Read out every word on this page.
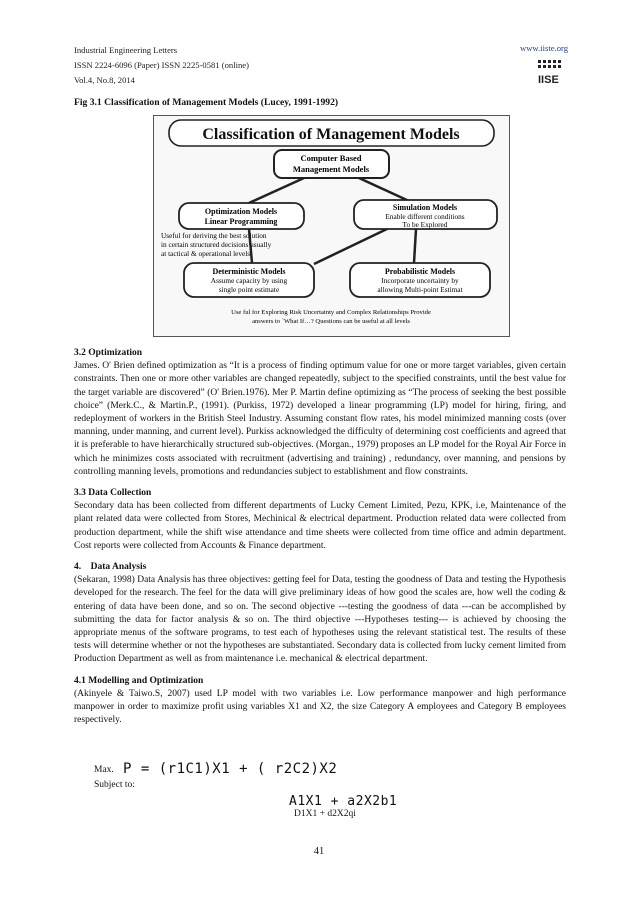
Industrial Engineering Letters
ISSN 2224-6096 (Paper) ISSN 2225-0581 (online)
Vol.4, No.8, 2014
www.iiste.org
IISE
Fig 3.1 Classification of Management Models (Lucey, 1991-1992)
Classification of Management Models
Computer Based
Management Models
Optimization Models
Linear Programming
Useful for deriving the best solution
in certain structured decisions usually
at tactical & operational levels
Simulation Models
Enable different conditions
To be Explored
Deterministic Models
Assume capacity by using
single point estimate
Probabilistic Models
Incorporate uncertainty by
allowing Multi-point Estimat
Use ful for Exploring Risk Uncertainty and Complex Relationships Provide
answers to `What If…? Questions can be useful at all levels

3.2 Optimization

James. O' Brien defined optimization as “It is a process of finding optimum value for one or more target variables, given certain constraints. Then one or more other variables are changed repeatedly, subject to the specified constraints, until the best value for the target variable are discovered” (O' Brien.1976). Mer P. Martin define optimizing as “The process of seeking the best possible choice” (Merk.C., & Martin.P., (1991). (Purkiss, 1972) developed a linear programming (LP) model for hiring, firing, and redeployment of workers in the British Steel Industry. Assuming constant flow rates, his model minimized manning costs (over manning, under manning, and current level). Purkiss acknowledged the difficulty of determining cost coefficients and agreed that it is preferable to have hierarchically structured sub-objectives. (Morgan., 1979) proposes an LP model for the Royal Air Force in which he minimizes costs associated with recruitment (advertising and training) , redundancy, over manning, and pensions by controlling manning levels, promotions and redundancies subject to establishment and flow constraints.

3.3 Data Collection

Secondary data has been collected from different departments of Lucky Cement Limited, Pezu, KPK, i.e, Maintenance of the plant related data were collected from Stores, Mechinical & electrical department. Production related data were collected from production department, while the shift wise attendance and time sheets were collected from time office and admin department. Cost reports were collected from Accounts & Finance department.

4. Data Analysis

(Sekaran, 1998) Data Analysis has three objectives: getting feel for Data, testing the goodness of Data and testing the Hypothesis developed for the research. The feel for the data will give preliminary ideas of how good the scales are, how well the coding & entering of data have been done, and so on. The second objective ---testing the goodness of data ---can be accomplished by submitting the data for factor analysis & so on. The third objective ---Hypotheses testing--- is achieved by choosing the appropriate menus of the software programs, to test each of hypotheses using the relevant statistical test. The results of these tests will determine whether or not the hypotheses are substantiated. Secondary data is collected from lucky cement limited from Production Department as well as from maintenance i.e. mechanical & electrical department.

4.1 Modelling and Optimization

(Akinyele & Taiwo.S, 2007) used LP model with two variables i.e. Low performance manpower and high performance manpower in order to maximize profit using variables X1 and X2, the size Category A employees and Category B employees respectively.

Max. P = (r1C1)X1 + ( r2C2)X2
Subject to:
A1X1 + a2X2b1
D1X1 + d2X2qi
41
